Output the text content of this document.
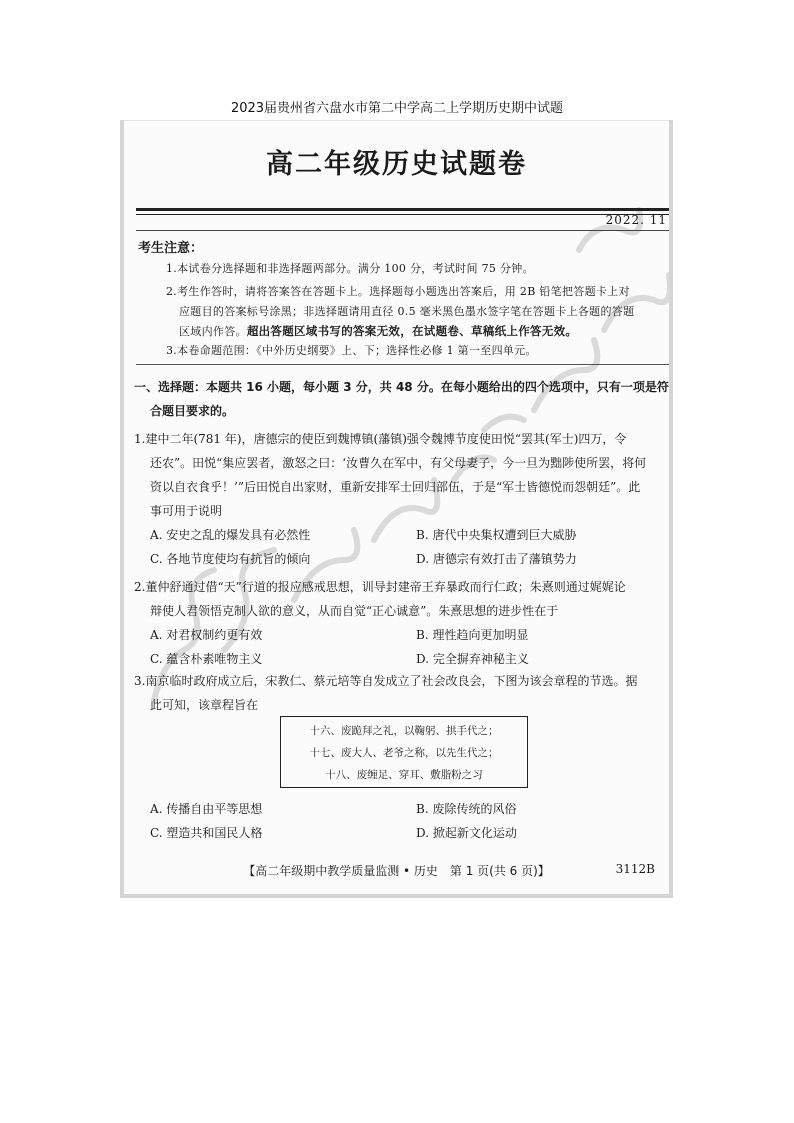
2023届贵州省六盘水市第二中学高二上学期历史期中试题
高二年级历史试题卷
2022. 11
考生注意：
1.本试卷分选择题和非选择题两部分。满分 100 分，考试时间 75 分钟。
2.考生作答时，请将答案答在答题卡上。选择题每小题选出答案后，用 2B 铅笔把答题卡上对
应题目的答案标号涂黑；非选择题请用直径 0.5 毫米黑色墨水签字笔在答题卡上各题的答题
区域内作答。超出答题区域书写的答案无效，在试题卷、草稿纸上作答无效。
3.本卷命题范围：《中外历史纲要》上、下；选择性必修 1 第一至四单元。
一、选择题：本题共 16 小题，每小题 3 分，共 48 分。在每小题给出的四个选项中，只有一项是符
合题目要求的。
1.建中二年(781 年)，唐德宗的使臣到魏博镇(藩镇)强令魏博节度使田悦“罢其(军士)四万，令
还农”。田悦“集应罢者，激怒之曰：‘汝曹久在军中，有父母妻子，今一旦为黜陟使所罢，将何
资以自衣食乎！’”后田悦自出家财，重新安排军士回归部伍，于是“军士皆德悦而怨朝廷”。此
事可用于说明
A. 安史之乱的爆发具有必然性	B. 唐代中央集权遭到巨大威胁
C. 各地节度使均有抗旨的倾向	D. 唐德宗有效打击了藩镇势力
2.董仲舒通过借“天”行道的报应感戒思想，训导封建帝王弃暴政而行仁政；朱熹则通过娓娓论
辩使人君领悟克制人欲的意义，从而自觉“正心诚意”。朱熹思想的进步性在于
A. 对君权制约更有效	B. 理性趋向更加明显
C. 蕴含朴素唯物主义	D. 完全摒弃神秘主义
3.南京临时政府成立后，宋教仁、蔡元培等自发成立了社会改良会，下图为该会章程的节选。据
此可知，该章程旨在
十六、废跪拜之礼，以鞠躬、拱手代之；
十七、废大人、老爷之称，以先生代之；
十八、废缠足、穿耳、敷脂粉之习
A. 传播自由平等思想	B. 废除传统的风俗
C. 塑造共和国民人格	D. 掀起新文化运动
【高二年级期中教学质量监测 • 历史　第 1 页(共 6 页)】	3112B
